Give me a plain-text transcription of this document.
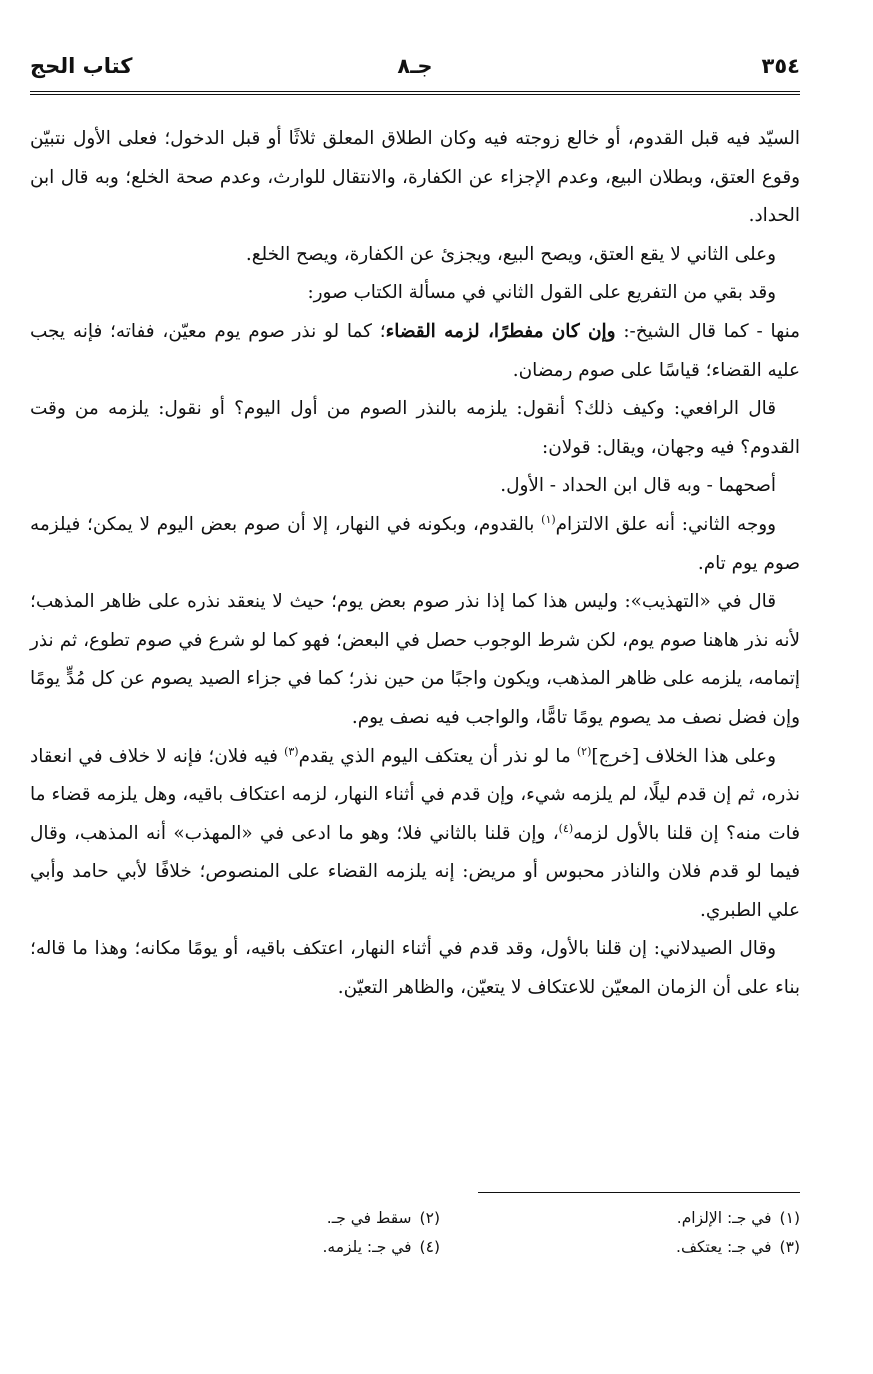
٣٥٤
جـ٨
كتاب الحج

السيّد فيه قبل القدوم، أو خالع زوجته فيه وكان الطلاق المعلق ثلاثًا أو قبل الدخول؛ فعلى الأول نتبيّن وقوع العتق، وبطلان البيع، وعدم الإجزاء عن الكفارة، والانتقال للوارث، وعدم صحة الخلع؛ وبه قال ابن الحداد.

وعلى الثاني لا يقع العتق، ويصح البيع، ويجزئ عن الكفارة، ويصح الخلع.

وقد بقي من التفريع على القول الثاني في مسألة الكتاب صور:

منها - كما قال الشيخ-: وإن كان مفطرًا، لزمه القضاء؛ كما لو نذر صوم يوم معيّن، ففاته؛ فإنه يجب عليه القضاء؛ قياسًا على صوم رمضان.

قال الرافعي: وكيف ذلك؟ أنقول: يلزمه بالنذر الصوم من أول اليوم؟ أو نقول: يلزمه من وقت القدوم؟ فيه وجهان، ويقال: قولان:

أصحهما - وبه قال ابن الحداد - الأول.

ووجه الثاني: أنه علق الالتزام$^{(١)}$ بالقدوم، وبكونه في النهار، إلا أن صوم بعض اليوم لا يمكن؛ فيلزمه صوم يوم تام.

قال في «التهذيب»: وليس هذا كما إذا نذر صوم بعض يوم؛ حيث لا ينعقد نذره على ظاهر المذهب؛ لأنه نذر هاهنا صوم يوم، لكن شرط الوجوب حصل في البعض؛ فهو كما لو شرع في صوم تطوع، ثم نذر إتمامه، يلزمه على ظاهر المذهب، ويكون واجبًا من حين نذر؛ كما في جزاء الصيد يصوم عن كل مُدٍّ يومًا وإن فضل نصف مد يصوم يومًا تامًّا، والواجب فيه نصف يوم.

وعلى هذا الخلاف [خرج]$^{(٢)}$ ما لو نذر أن يعتكف اليوم الذي يقدم$^{(٣)}$ فيه فلان؛ فإنه لا خلاف في انعقاد نذره، ثم إن قدم ليلًا، لم يلزمه شيء، وإن قدم في أثناء النهار، لزمه اعتكاف باقيه، وهل يلزمه قضاء ما فات منه؟ إن قلنا بالأول لزمه$^{(٤)}$، وإن قلنا بالثاني فلا؛ وهو ما ادعى في «المهذب» أنه المذهب، وقال فيما لو قدم فلان والناذر محبوس أو مريض: إنه يلزمه القضاء على المنصوص؛ خلافًا لأبي حامد وأبي علي الطبري.

وقال الصيدلاني: إن قلنا بالأول، وقد قدم في أثناء النهار، اعتكف باقيه، أو يومًا مكانه؛ وهذا ما قاله؛ بناء على أن الزمان المعيّن للاعتكاف لا يتعيّن، والظاهر التعيّن.

(١)في جـ: الإلزام.
(٣)في جـ: يعتكف.
(٢)سقط في جـ.
(٤)في جـ: يلزمه.
